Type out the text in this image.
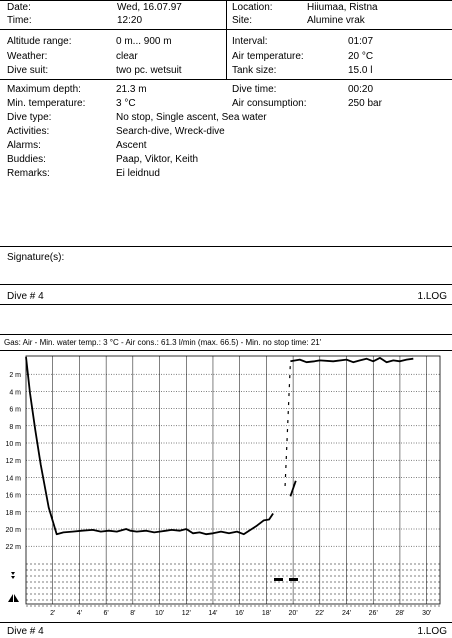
Date:	Wed, 16.07.97	Location:	Hiiumaa, Ristna
Time:	12:20	Site:	Alumine vrak
Altitude range:	0 m... 900 m	Interval:	01:07
Weather:	clear	Air temperature:	20 °C
Dive suit:	two pc. wetsuit	Tank size:	15.0 l
Maximum depth:	21.3 m	Dive time:	00:20
Min. temperature:	3 °C	Air consumption:	250 bar
Dive type:	No stop, Single ascent, Sea water
Activities:	Search-dive, Wreck-dive
Alarms:	Ascent
Buddies:	Paap, Viktor, Keith
Remarks:	Ei leidnud
Signature(s):
Dive # 4	1.LOG
Gas: Air - Min. water temp.: 3 °C - Air cons.: 61.3 l/min (max. 66.5) - Min. no stop time: 21'
2 m
4 m
6 m
8 m
10 m
12 m
14 m
16 m
18 m
20 m
22 m
2'	4'	6'	8'	10'	12'	14'	16'	18'	20'	22'	24'	26'	28'	30'
Dive # 4	1.LOG
